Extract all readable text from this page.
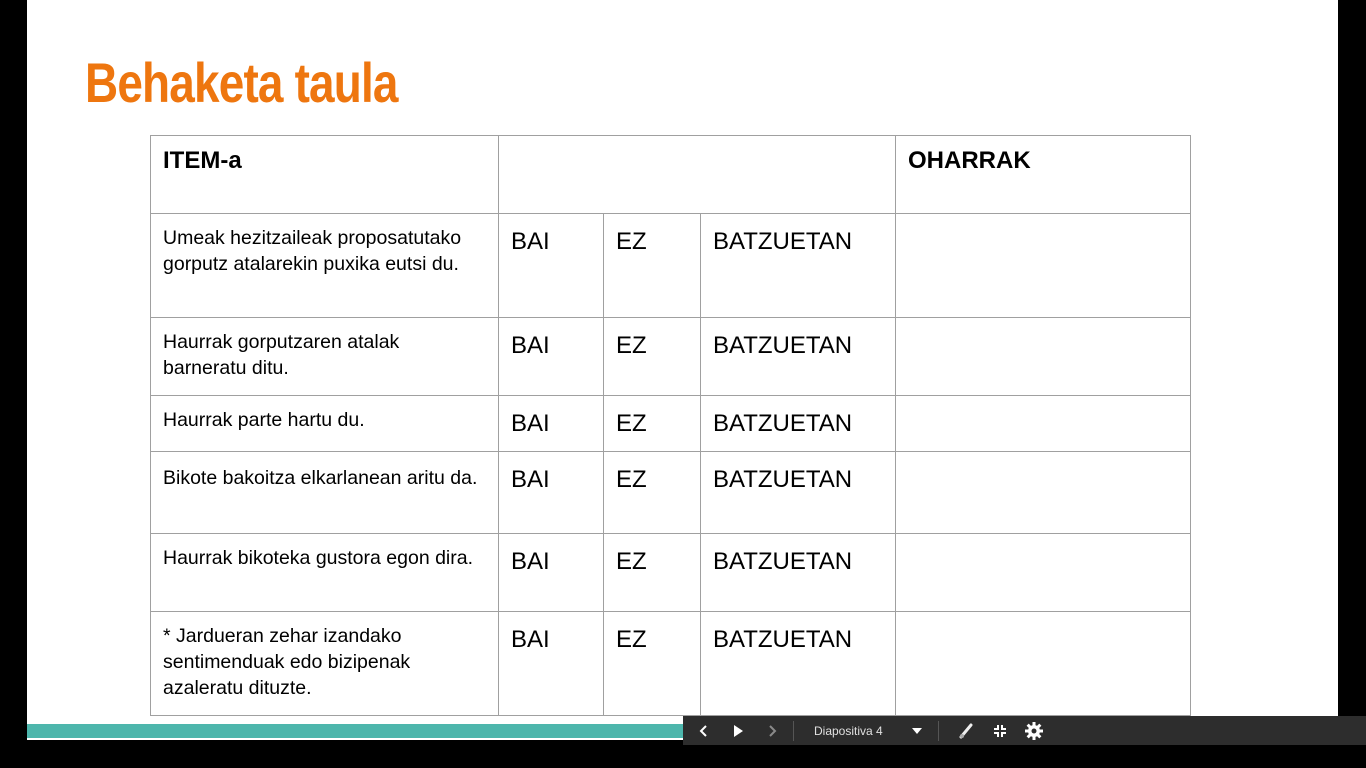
Behaketa taula
ITEM-a				OHARRAK
Umeak hezitzaileak proposatutako gorputz atalarekin puxika eutsi du.	BAI	EZ	BATZUETAN	
Haurrak gorputzaren atalak barneratu ditu.	BAI	EZ	BATZUETAN	
Haurrak parte hartu du.	BAI	EZ	BATZUETAN	
Bikote bakoitza elkarlanean aritu da.	BAI	EZ	BATZUETAN	
Haurrak bikoteka gustora egon dira.	BAI	EZ	BATZUETAN	
* Jardueran zehar izandako sentimenduak edo bizipenak azaleratu dituzte.	BAI	EZ	BATZUETAN	
Diapositiva 4
